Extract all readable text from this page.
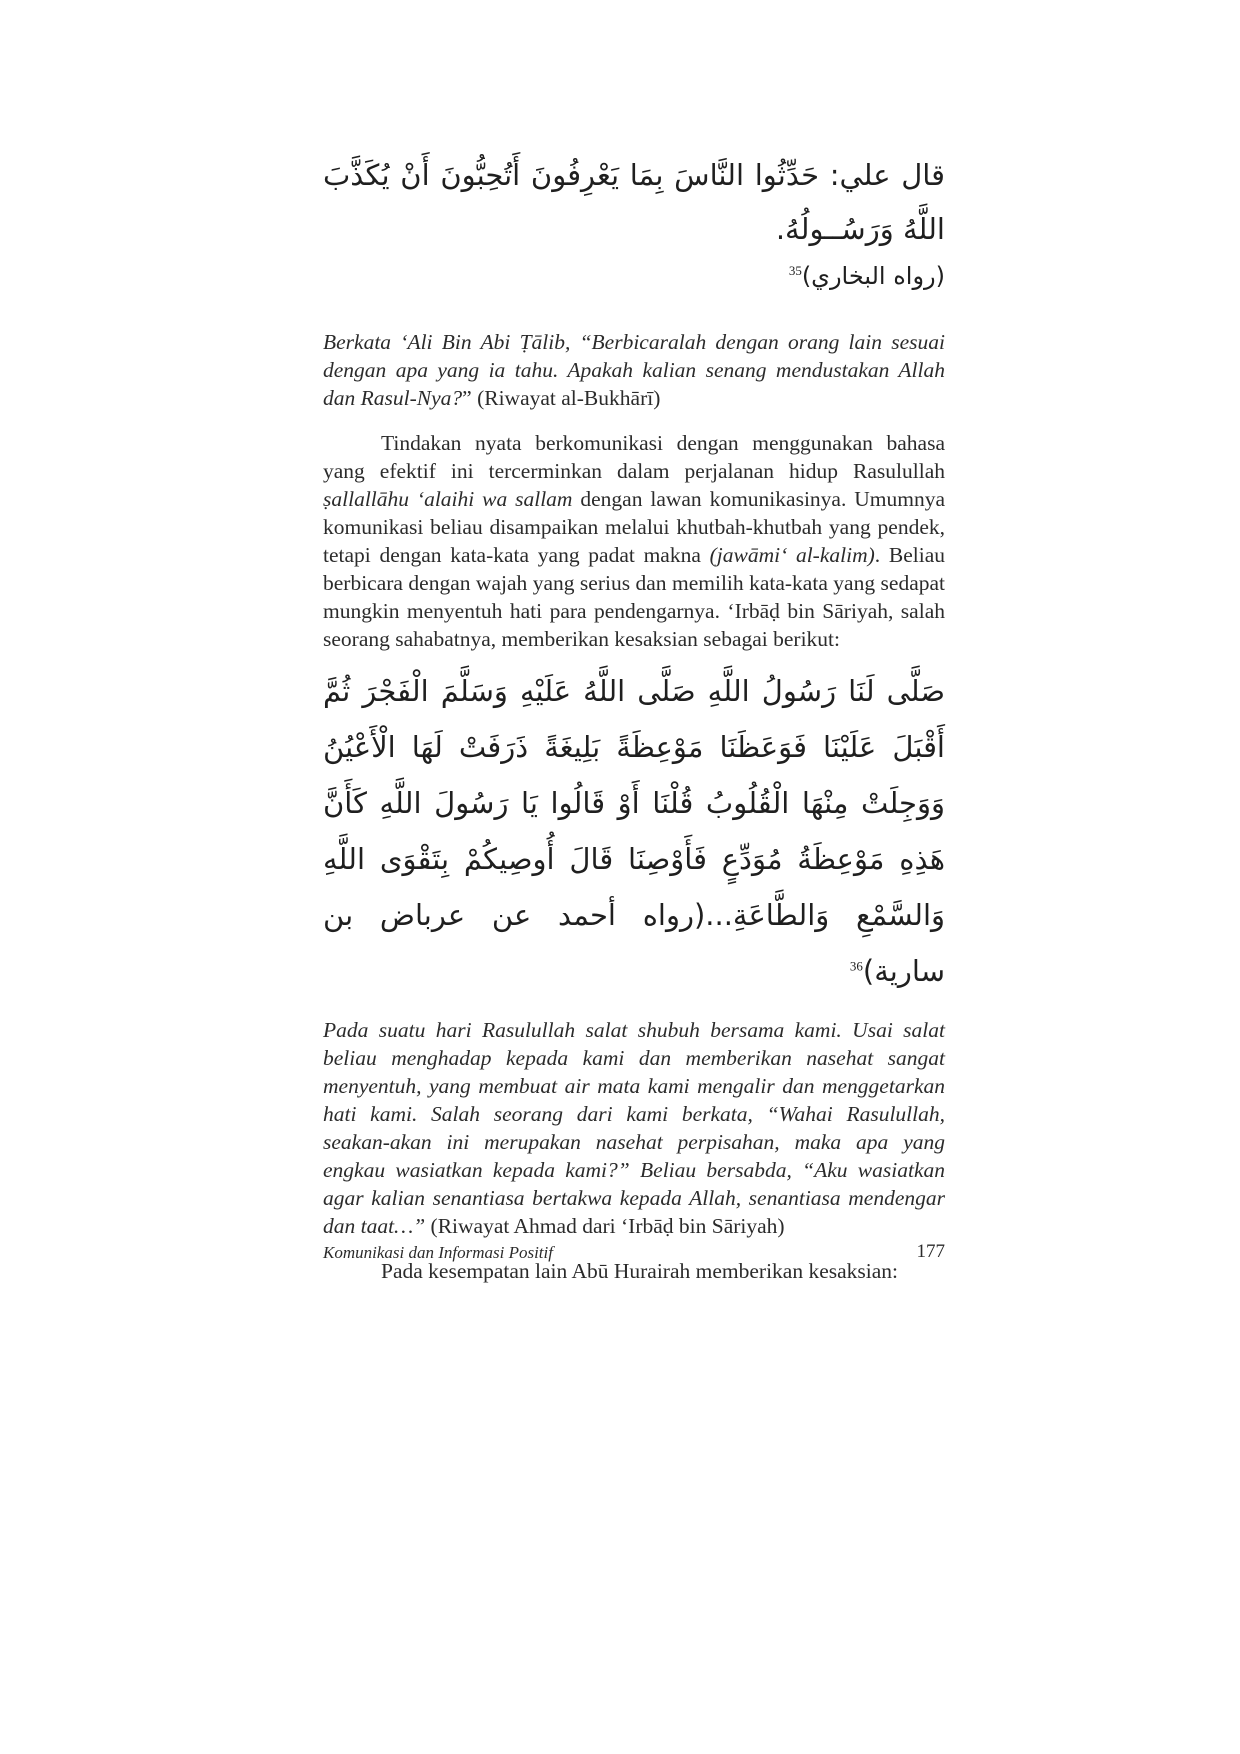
قال علي: حَدِّثُوا النَّاسَ بِمَا يَعْرِفُونَ أَتُحِبُّونَ أَنْ يُكَذَّبَ اللَّهُ وَرَسُــولُهُ.

(رواه البخاري)$^{35}$

Berkata ‘Ali Bin Abi Ṭālib, “Berbicaralah dengan orang lain sesuai dengan apa yang ia tahu. Apakah kalian senang mendustakan Allah dan Rasul-Nya?” (Riwayat al-Bukhārī)

Tindakan nyata berkomunikasi dengan menggunakan bahasa yang efektif ini tercerminkan dalam perjalanan hidup Rasulullah ṣallallāhu ‘alaihi wa sallam dengan lawan komunikasinya. Umumnya komunikasi beliau disampaikan melalui khutbah-khutbah yang pendek, tetapi dengan kata-kata yang padat makna (jawāmi‘ al-kalim). Beliau berbicara dengan wajah yang serius dan memilih kata-kata yang sedapat mungkin menyentuh hati para pendengarnya. ‘Irbāḍ bin Sāriyah, salah seorang sahabatnya, memberikan kesaksian sebagai berikut:

صَلَّى لَنَا رَسُولُ اللَّهِ صَلَّى اللَّهُ عَلَيْهِ وَسَلَّمَ الْفَجْرَ ثُمَّ أَقْبَلَ عَلَيْنَا فَوَعَظَنَا مَوْعِظَةً بَلِيغَةً ذَرَفَتْ لَهَا الْأَعْيُنُ وَوَجِلَتْ مِنْهَا الْقُلُوبُ قُلْنَا أَوْ قَالُوا يَا رَسُولَ اللَّهِ كَأَنَّ هَذِهِ مَوْعِظَةُ مُوَدِّعٍ فَأَوْصِنَا قَالَ أُوصِيكُمْ بِتَقْوَى اللَّهِ وَالسَّمْعِ وَالطَّاعَةِ...(رواه أحمد عن عرباض بن سارية)$^{36}$

Pada suatu hari Rasulullah salat shubuh bersama kami. Usai salat beliau menghadap kepada kami dan memberikan nasehat sangat menyentuh, yang membuat air mata kami mengalir dan menggetarkan hati kami. Salah seorang dari kami berkata, “Wahai Rasulullah, seakan-akan ini merupakan nasehat perpisahan, maka apa yang engkau wasiatkan kepada kami?” Beliau bersabda, “Aku wasiatkan agar kalian senantiasa bertakwa kepada Allah, senantiasa mendengar dan taat…” (Riwayat Ahmad dari ‘Irbāḍ bin Sāriyah)

Pada kesempatan lain Abū Hurairah memberikan kesaksian:

Komunikasi dan Informasi Positif	177
